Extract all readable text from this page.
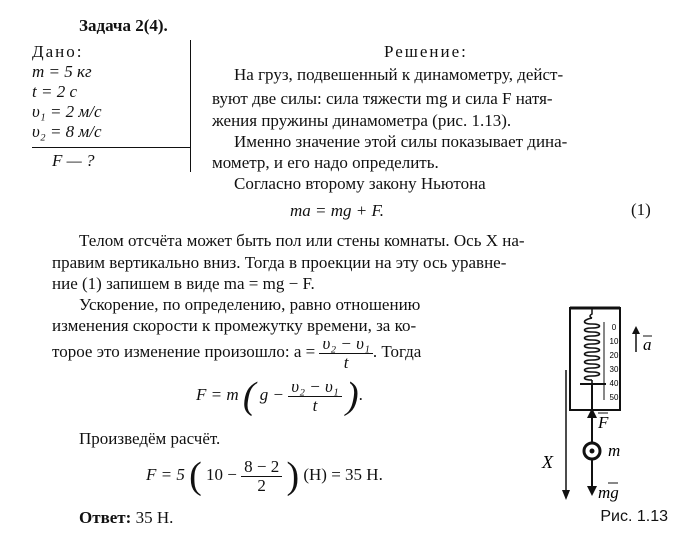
Задача 2(4).
Дано:
m = 5 кг
t = 2 с
υ₁ = 2 м/с
υ₂ = 8 м/с
F — ?
Решение:
На груз, подвешенный к динамометру, дейст-
вуют две силы: сила тяжести mg и сила F натя-
жения пружины динамометра (рис. 1.13).
Именно значение этой силы показывает дина-
мометр, и его надо определить.
Согласно второму закону Ньютона
ma = mg + F.	(1)
Телом отсчёта может быть пол или стены комнаты. Ось X на-
правим вертикально вниз. Тогда в проекции на эту ось уравне-
ние (1) запишем в виде ma = mg − F.
Ускорение, по определению, равно отношению
изменения скорости к промежутку времени, за ко-
торое это изменение произошло: $a = \frac{\text{υ₂ − υ₁}}{t}$ . Тогда
F = m ( $g - \frac{\text{υ₂ − υ₁}}{t}$ ).
Произведём расчёт.
F = 5 ( $10 - \frac{8 - 2}{2}$ ) (Н) = 35 Н.
Ответ: 35 Н.
0
10
20
30
40
50
a
F
m
mg
X
Рис. 1.13
